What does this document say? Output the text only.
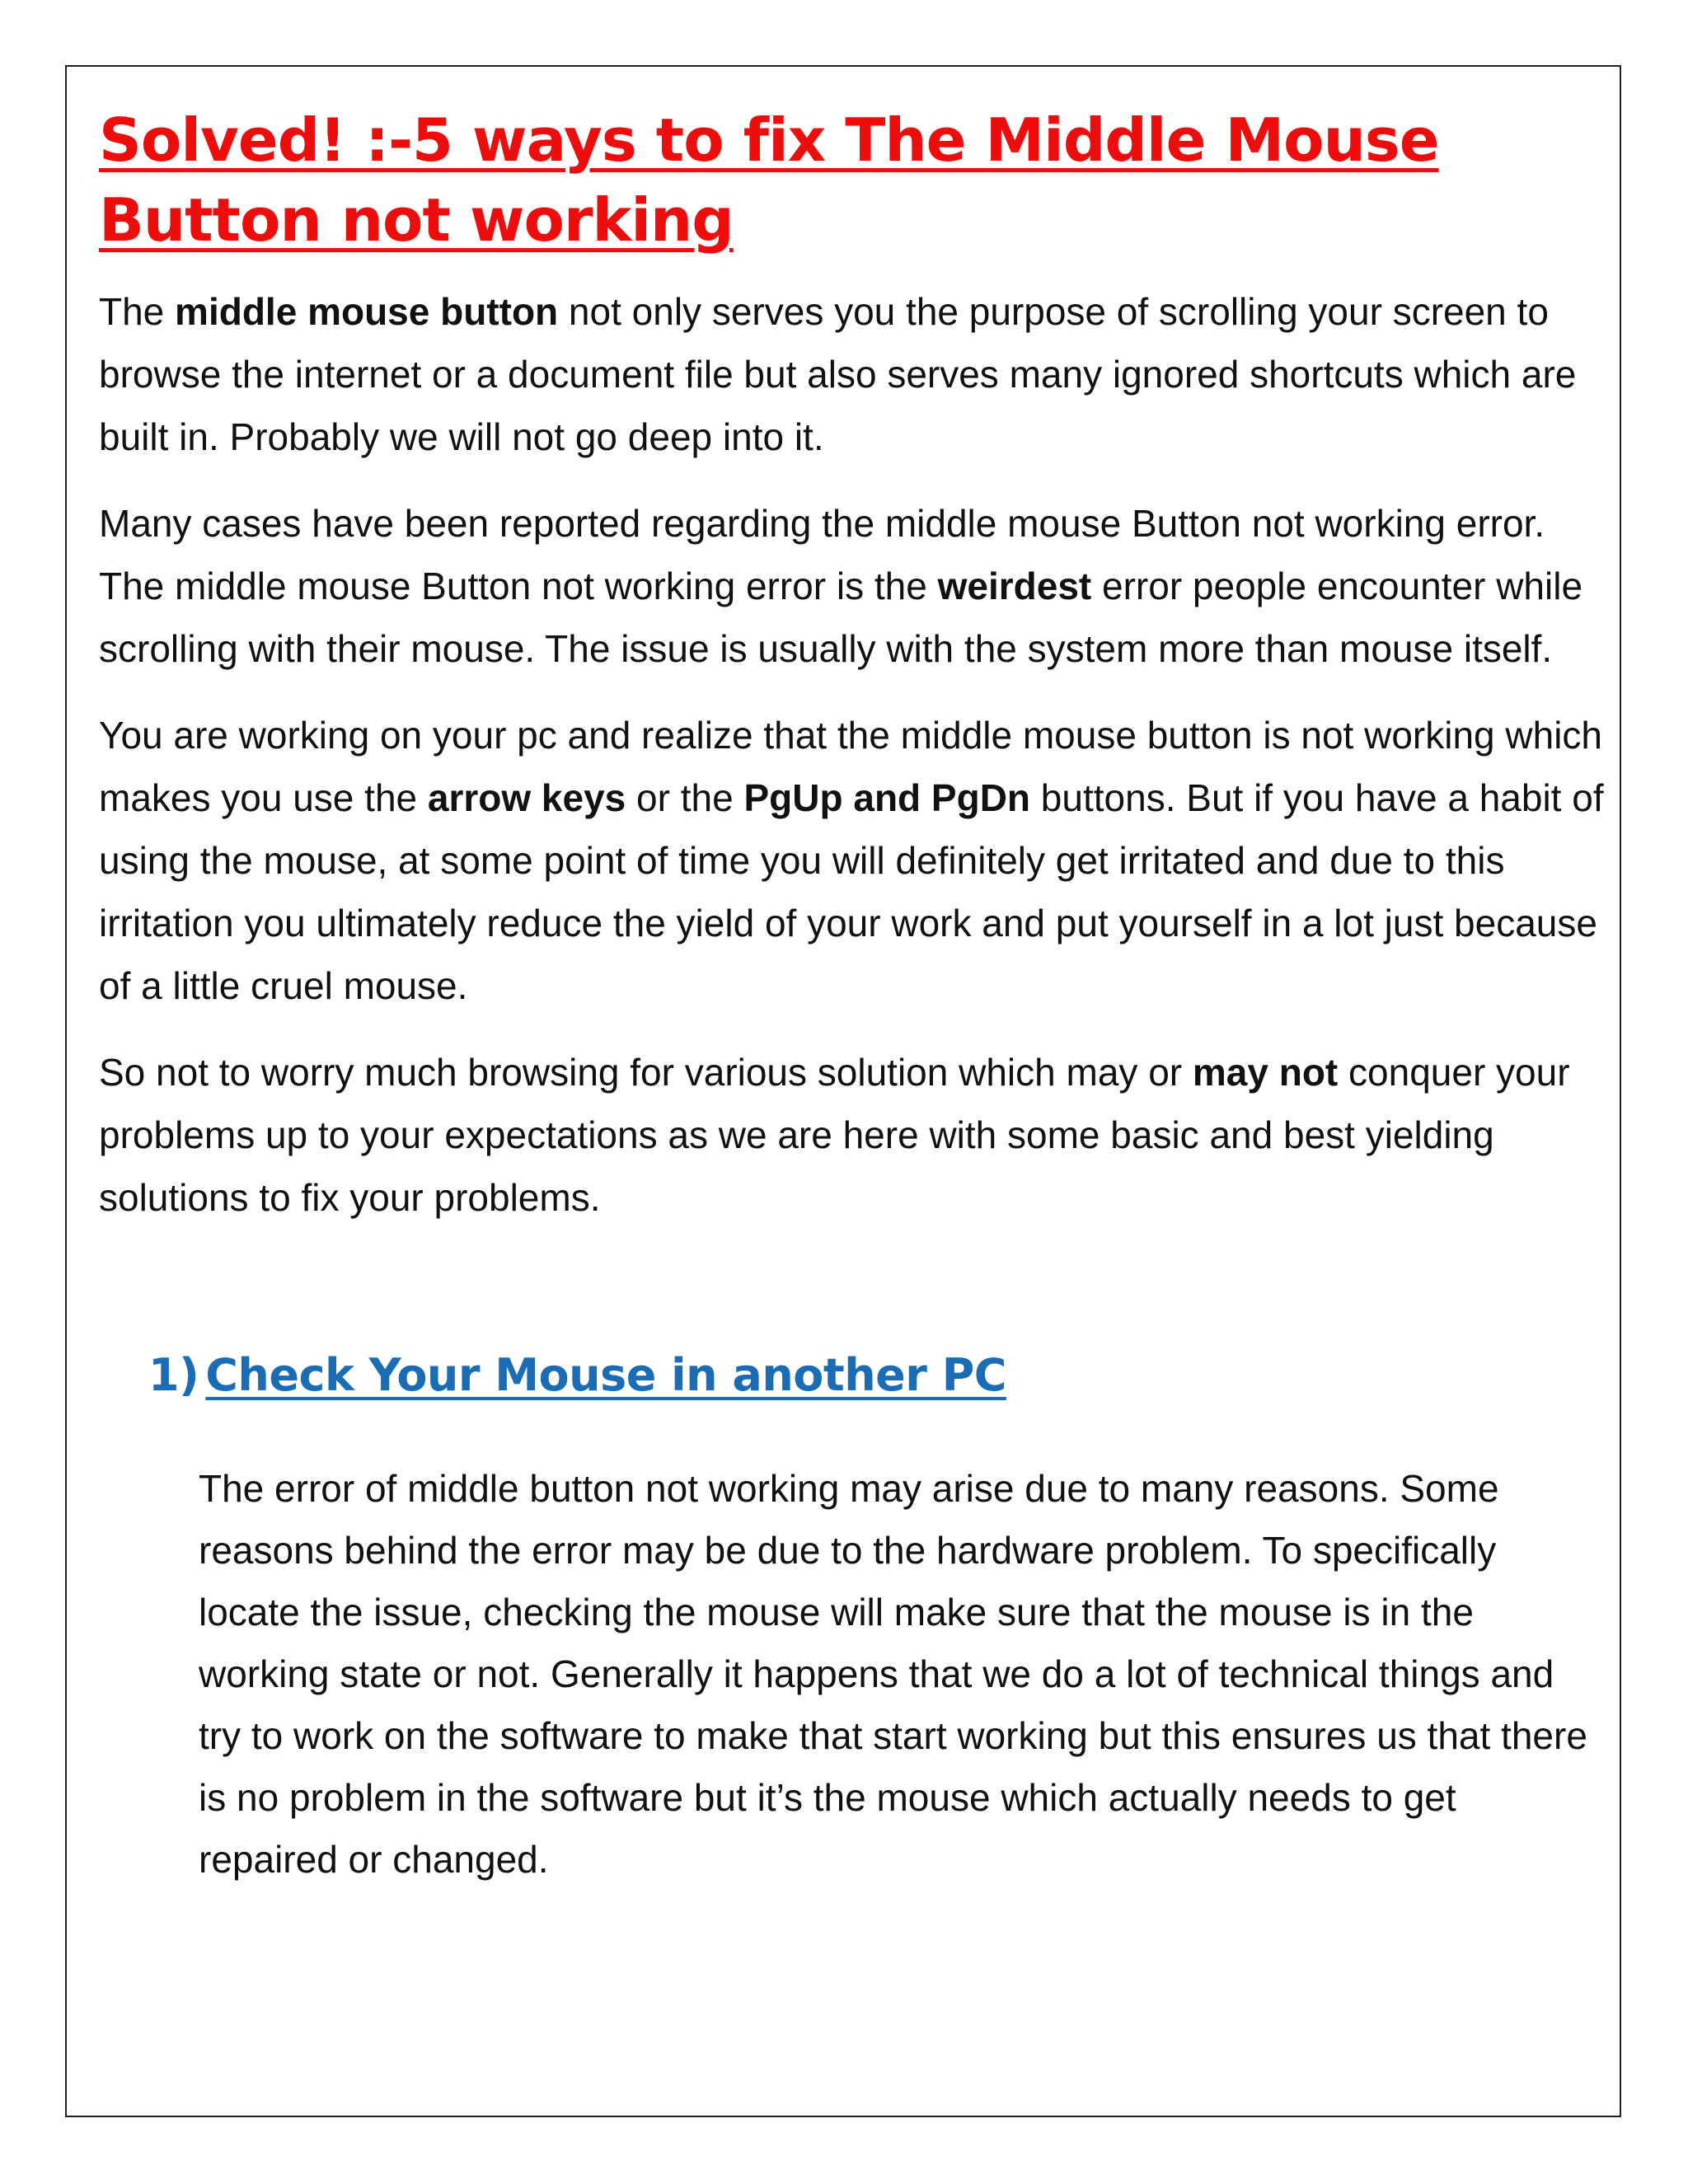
Solved! :-5 ways to fix The Middle Mouse Button not working

The middle mouse button not only serves you the purpose of scrolling your screen to browse the internet or a document file but also serves many ignored shortcuts which are built in. Probably we will not go deep into it.

Many cases have been reported regarding the middle mouse Button not working error. The middle mouse Button not working error is the weirdest error people encounter while scrolling with their mouse. The issue is usually with the system more than mouse itself.

You are working on your pc and realize that the middle mouse button is not working which makes you use the arrow keys or the PgUp and PgDn buttons. But if you have a habit of using the mouse, at some point of time you will definitely get irritated and due to this irritation you ultimately reduce the yield of your work and put yourself in a lot just because of a little cruel mouse.

So not to worry much browsing for various solution which may or may not conquer your problems up to your expectations as we are here with some basic and best yielding solutions to fix your problems.

1) Check Your Mouse in another PC

The error of middle button not working may arise due to many reasons. Some reasons behind the error may be due to the hardware problem. To specifically locate the issue, checking the mouse will make sure that the mouse is in the working state or not. Generally it happens that we do a lot of technical things and try to work on the software to make that start working but this ensures us that there is no problem in the software but it’s the mouse which actually needs to get repaired or changed.
